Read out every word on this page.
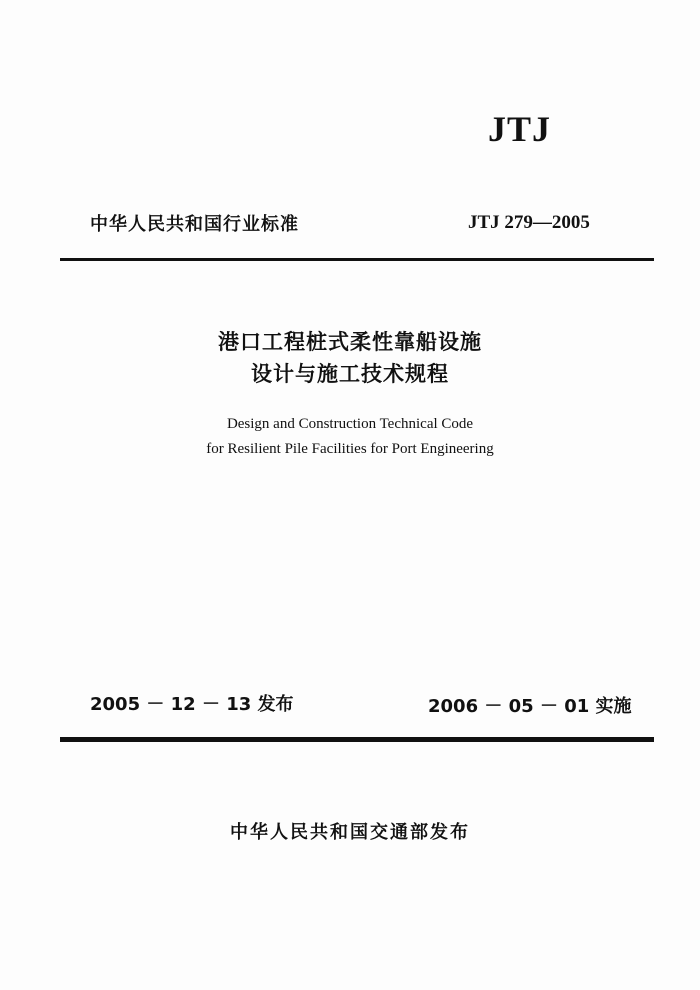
JTJ
中华人民共和国行业标准	JTJ 279—2005
港口工程桩式柔性靠船设施
设计与施工技术规程
Design and Construction Technical Code
for Resilient Pile Facilities for Port Engineering
2005 － 12 － 13 发布	2006 － 05 － 01 实施
中华人民共和国交通部发布
